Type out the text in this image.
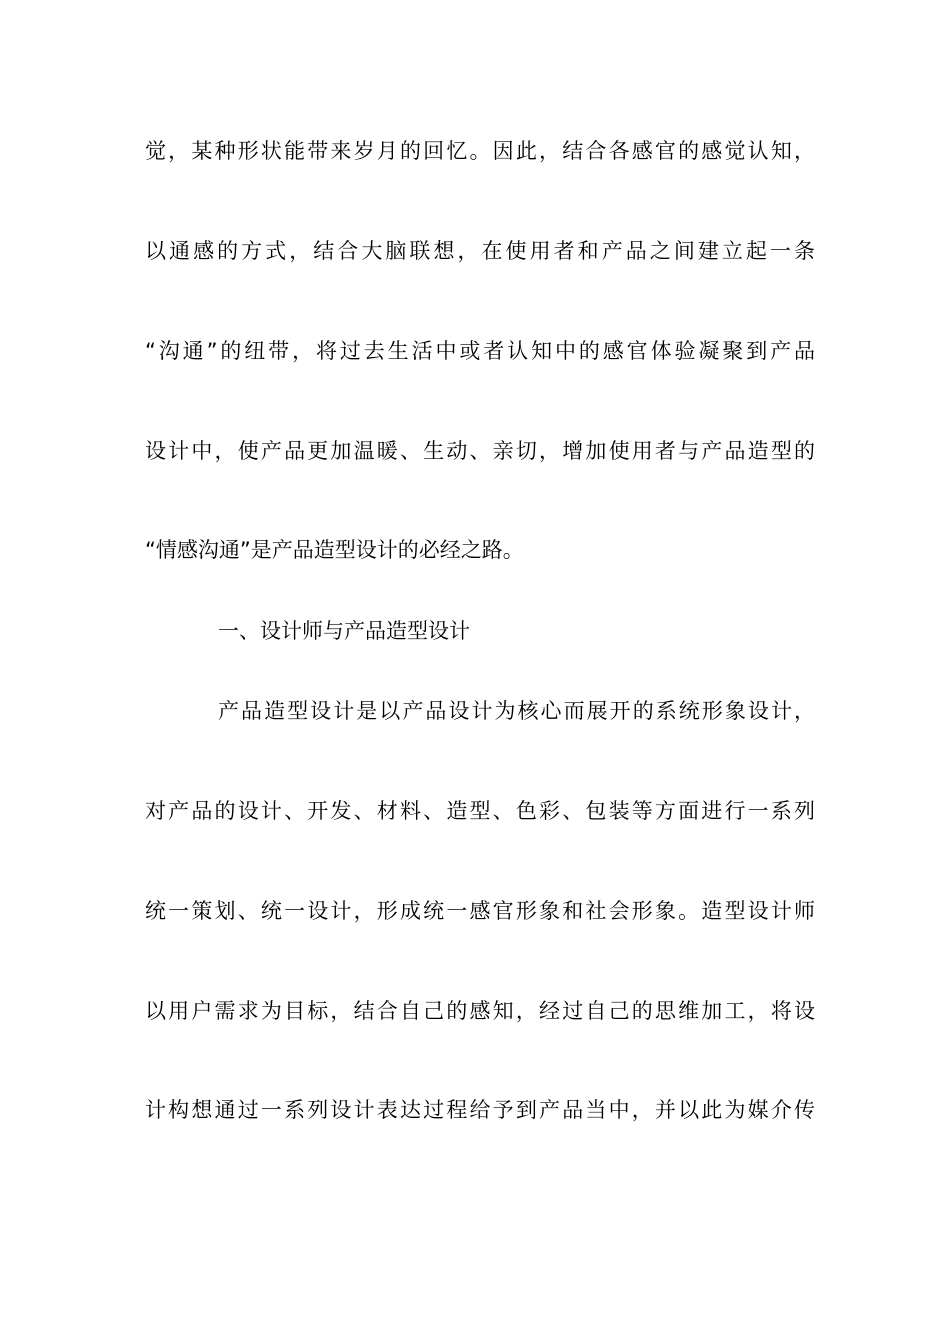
觉，某种形状能带来岁月的回忆。因此，结合各感官的感觉认知，
以通感的方式，结合大脑联想，在使用者和产品之间建立起一条
“沟通”的纽带，将过去生活中或者认知中的感官体验凝聚到产品
设计中，使产品更加温暖、生动、亲切，增加使用者与产品造型的
“情感沟通”是产品造型设计的必经之路。
一、设计师与产品造型设计
产品造型设计是以产品设计为核心而展开的系统形象设计，
对产品的设计、开发、材料、造型、色彩、包装等方面进行一系列
统一策划、统一设计，形成统一感官形象和社会形象。造型设计师
以用户需求为目标，结合自己的感知，经过自己的思维加工，将设
计构想通过一系列设计表达过程给予到产品当中，并以此为媒介传
